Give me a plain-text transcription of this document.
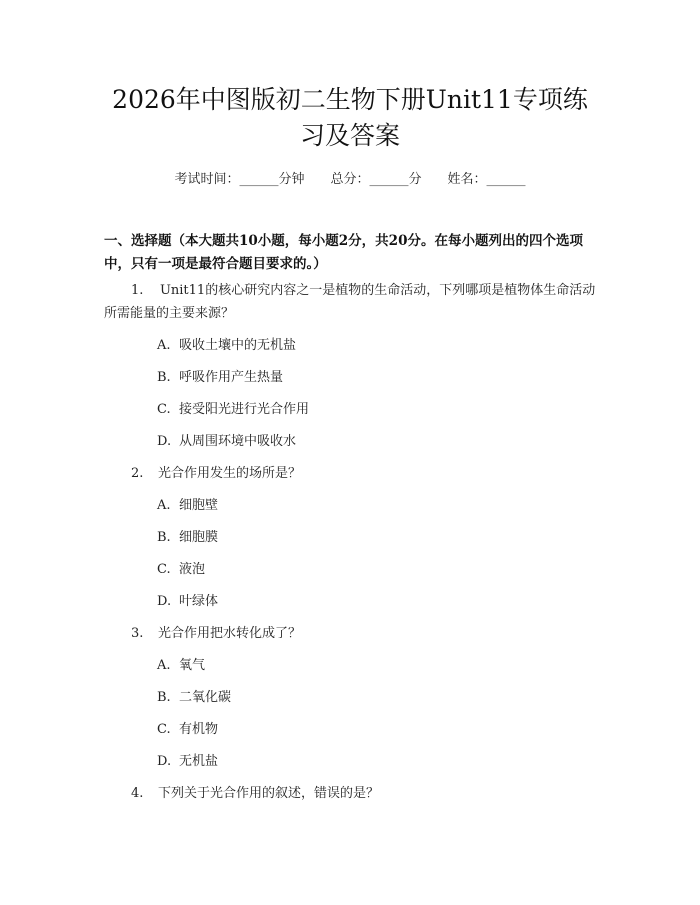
2026年中图版初二生物下册Unit11专项练
习及答案
考试时间：______分钟 总分：______分 姓名：______
一、选择题（本大题共10小题，每小题2分，共20分。在每小题列出的四个选项中，只有一项是最符合题目要求的。）
1. Unit11的核心研究内容之一是植物的生命活动，下列哪项是植物体生命活动所需能量的主要来源？
A. 吸收土壤中的无机盐
B. 呼吸作用产生热量
C. 接受阳光进行光合作用
D. 从周围环境中吸收水
2. 光合作用发生的场所是？
A. 细胞壁
B. 细胞膜
C. 液泡
D. 叶绿体
3. 光合作用把水转化成了？
A. 氧气
B. 二氧化碳
C. 有机物
D. 无机盐
4. 下列关于光合作用的叙述，错误的是？
